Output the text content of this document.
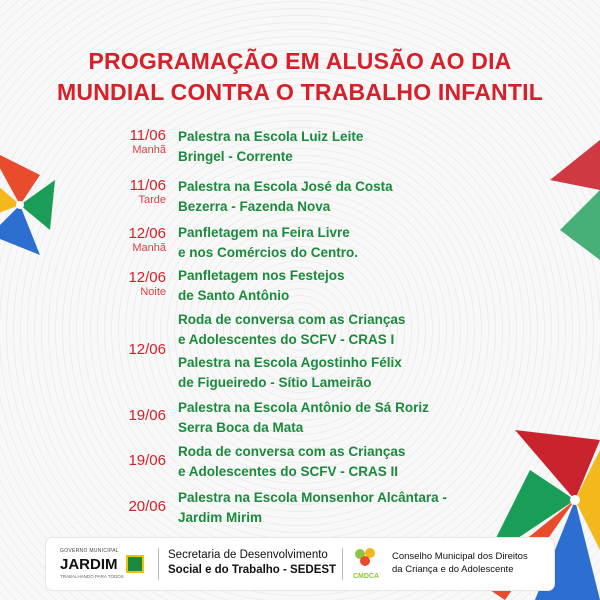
PROGRAMAÇÃO EM ALUSÃO AO DIA
MUNDIAL CONTRA O TRABALHO INFANTIL
11/06
Manhã
Palestra na Escola Luiz Leite
Bringel - Corrente
11/06
Tarde
Palestra na Escola José da Costa
Bezerra - Fazenda Nova
12/06
Manhã
Panfletagem na Feira Livre
e nos Comércios do Centro.
12/06
Noite
Panfletagem nos Festejos
de Santo Antônio
12/06
Roda de conversa com as Crianças
e Adolescentes do SCFV - CRAS I
Palestra na Escola Agostinho Félix
de Figueiredo - Sítio Lameirão
19/06 Palestra na Escola Antônio de Sá Roriz
Serra Boca da Mata
19/06
Roda de conversa com as Crianças
e Adolescentes do SCFV - CRAS II
20/06
Palestra na Escola Monsenhor Alcântara -
Jardim Mirim
GOVERNO MUNICIPAL
JARDIM
TRABALHANDO PARA TODOS
Secretaria de Desenvolvimento
Social e do Trabalho - SEDEST
CMDCA
Conselho Municipal dos Direitos
da Criança e do Adolescente
